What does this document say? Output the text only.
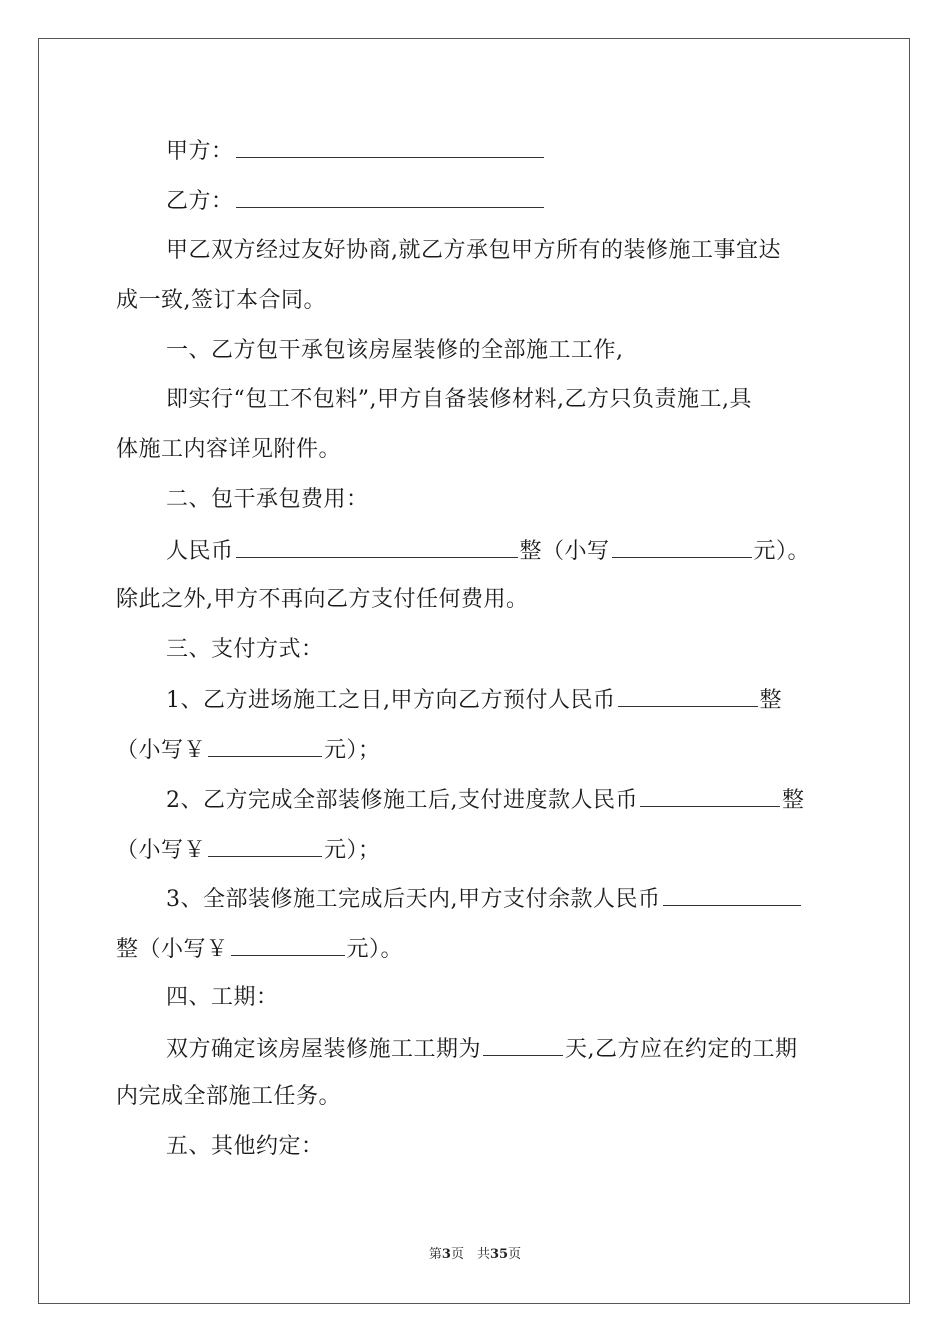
甲方：
乙方：
甲乙双方经过友好协商,就乙方承包甲方所有的装修施工事宜达
成一致,签订本合同。
一、乙方包干承包该房屋装修的全部施工工作,
即实行“包工不包料”,甲方自备装修材料,乙方只负责施工,具
体施工内容详见附件。
二、包干承包费用：
人民币	整（小写	元）。
除此之外,甲方不再向乙方支付任何费用。
三、支付方式：
1、乙方进场施工之日,甲方向乙方预付人民币	整
（小写￥	元）；
2、乙方完成全部装修施工后,支付进度款人民币	整
（小写￥	元）；
3、全部装修施工完成后天内,甲方支付余款人民币
整（小写￥	元）。
四、工期：
双方确定该房屋装修施工工期为	天,乙方应在约定的工期
内完成全部施工任务。
五、其他约定：
第3页　共35页
